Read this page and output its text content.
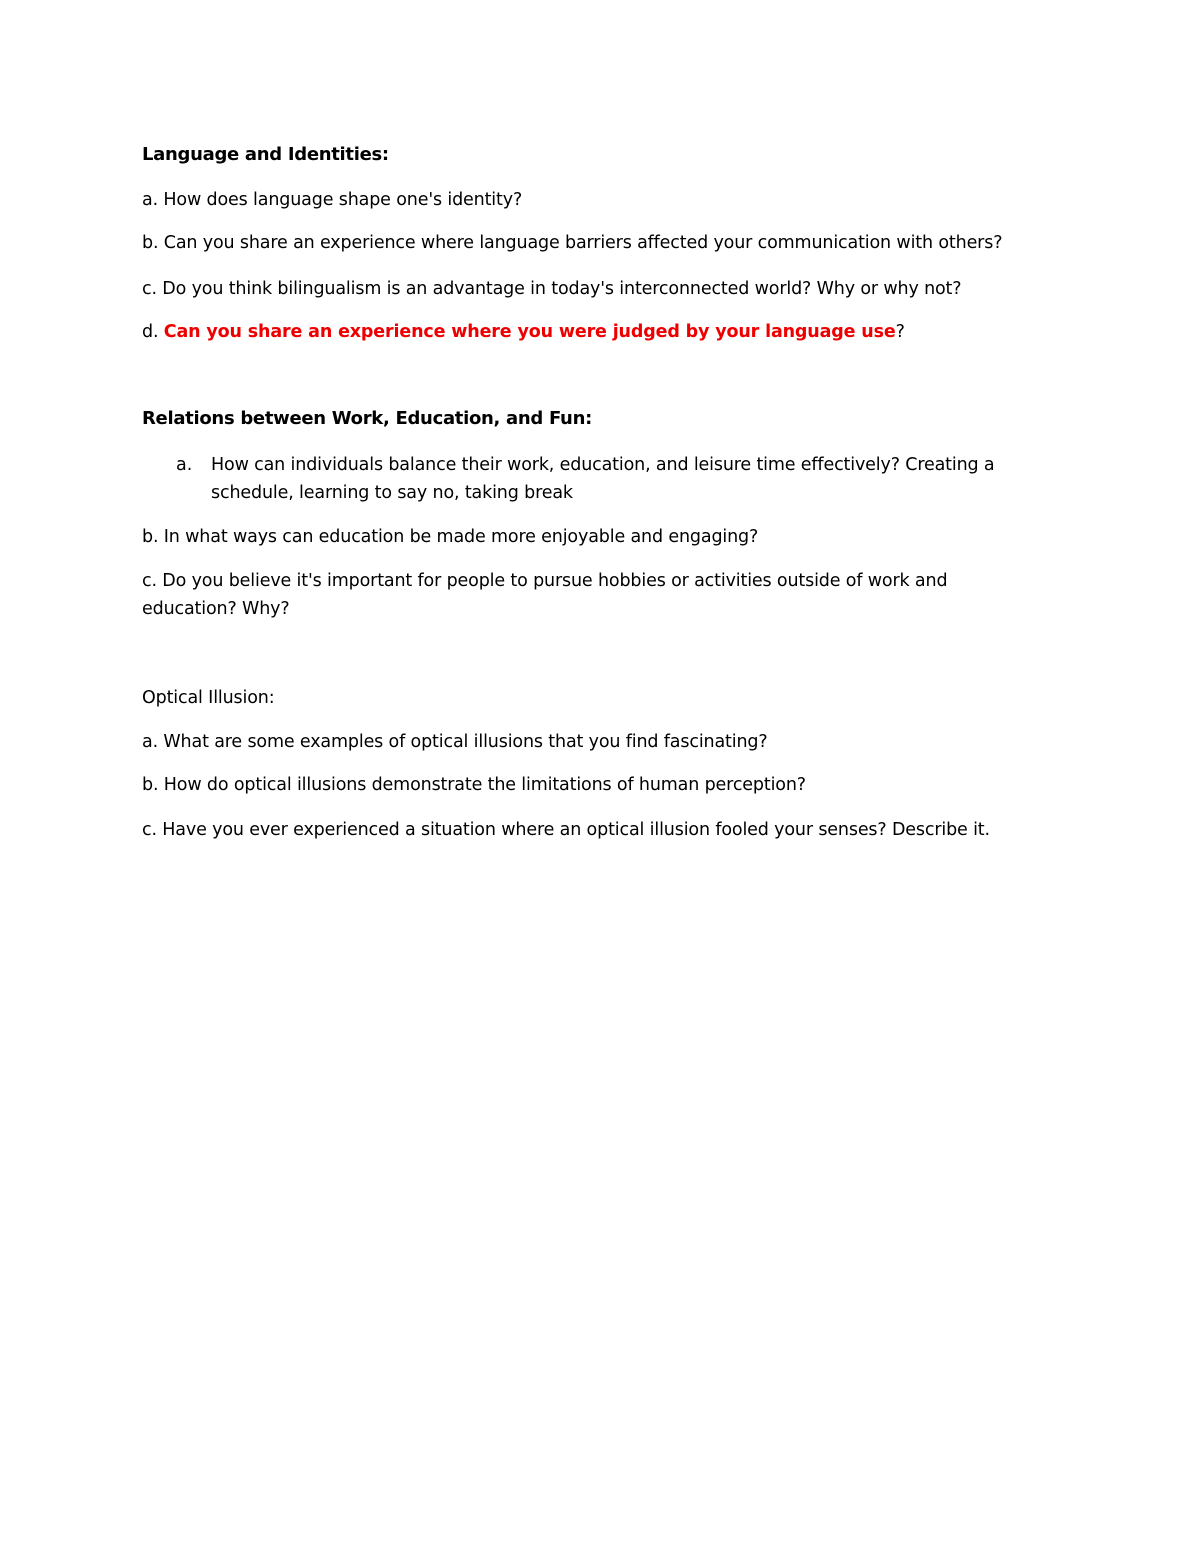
Language and Identities:
a. How does language shape one's identity?
b. Can you share an experience where language barriers affected your communication with others?
c. Do you think bilingualism is an advantage in today's interconnected world? Why or why not?
d. Can you share an experience where you were judged by your language use?
Relations between Work, Education, and Fun:
a. How can individuals balance their work, education, and leisure time effectively? Creating a
schedule, learning to say no, taking break
b. In what ways can education be made more enjoyable and engaging?
c. Do you believe it's important for people to pursue hobbies or activities outside of work and
education? Why?
Optical Illusion:
a. What are some examples of optical illusions that you find fascinating?
b. How do optical illusions demonstrate the limitations of human perception?
c. Have you ever experienced a situation where an optical illusion fooled your senses? Describe it.
